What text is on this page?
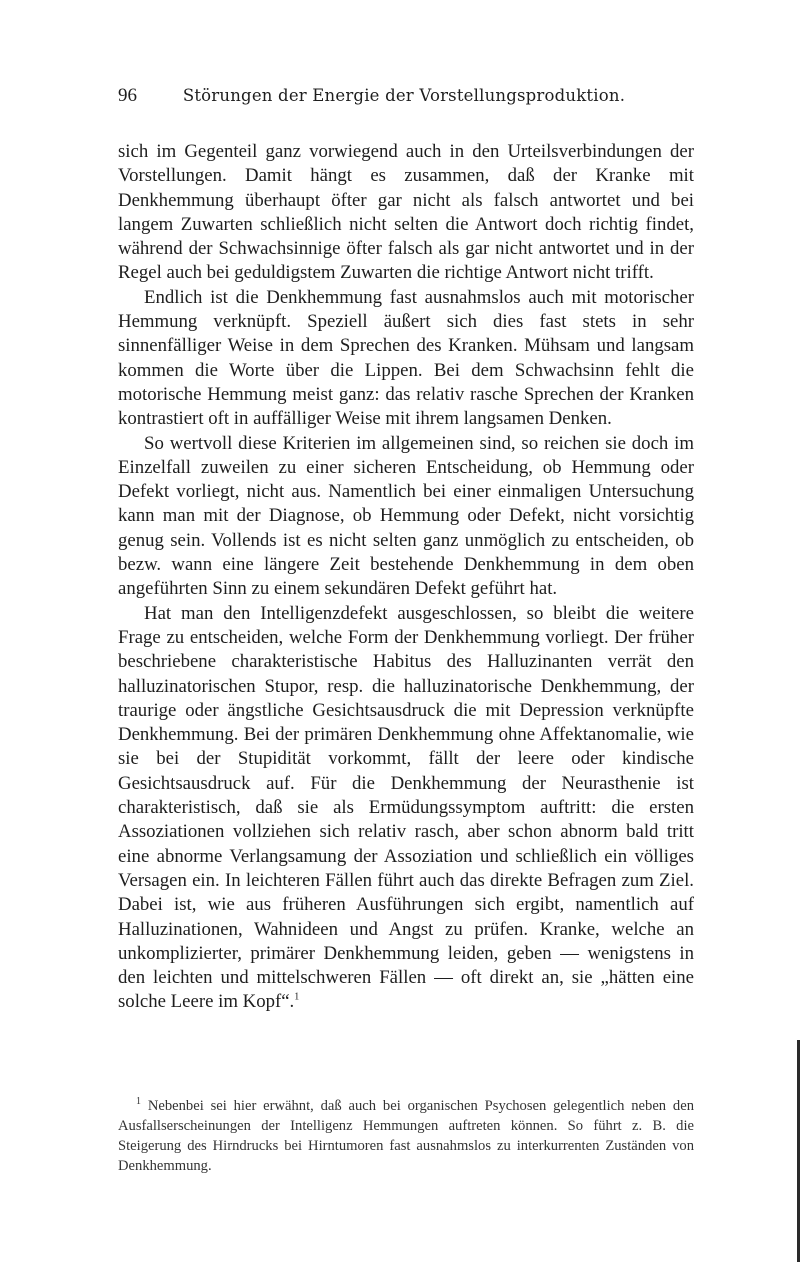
96	Störungen der Energie der Vorstellungsproduktion.

sich im Gegenteil ganz vorwiegend auch in den Urteilsverbindungen der Vorstellungen. Damit hängt es zusammen, daß der Kranke mit Denkhemmung überhaupt öfter gar nicht als falsch antwortet und bei langem Zuwarten schließlich nicht selten die Antwort doch richtig findet, während der Schwachsinnige öfter falsch als gar nicht antwortet und in der Regel auch bei geduldigstem Zuwarten die richtige Antwort nicht trifft.

Endlich ist die Denkhemmung fast ausnahmslos auch mit motorischer Hemmung verknüpft. Speziell äußert sich dies fast stets in sehr sinnenfälliger Weise in dem Sprechen des Kranken. Mühsam und langsam kommen die Worte über die Lippen. Bei dem Schwachsinn fehlt die motorische Hemmung meist ganz: das relativ rasche Sprechen der Kranken kontrastiert oft in auffälliger Weise mit ihrem langsamen Denken.

So wertvoll diese Kriterien im allgemeinen sind, so reichen sie doch im Einzelfall zuweilen zu einer sicheren Entscheidung, ob Hemmung oder Defekt vorliegt, nicht aus. Namentlich bei einer einmaligen Untersuchung kann man mit der Diagnose, ob Hemmung oder Defekt, nicht vorsichtig genug sein. Vollends ist es nicht selten ganz unmöglich zu entscheiden, ob bezw. wann eine längere Zeit bestehende Denkhemmung in dem oben angeführten Sinn zu einem sekundären Defekt geführt hat.

Hat man den Intelligenzdefekt ausgeschlossen, so bleibt die weitere Frage zu entscheiden, welche Form der Denkhemmung vorliegt. Der früher beschriebene charakteristische Habitus des Halluzinanten verrät den halluzinatorischen Stupor, resp. die halluzinatorische Denkhemmung, der traurige oder ängstliche Gesichtsausdruck die mit Depression verknüpfte Denkhemmung. Bei der primären Denkhemmung ohne Affektanomalie, wie sie bei der Stupidität vorkommt, fällt der leere oder kindische Gesichtsausdruck auf. Für die Denkhemmung der Neurasthenie ist charakteristisch, daß sie als Ermüdungssymptom auftritt: die ersten Assoziationen vollziehen sich relativ rasch, aber schon abnorm bald tritt eine abnorme Verlangsamung der Assoziation und schließlich ein völliges Versagen ein. In leichteren Fällen führt auch das direkte Befragen zum Ziel. Dabei ist, wie aus früheren Ausführungen sich ergibt, namentlich auf Halluzinationen, Wahnideen und Angst zu prüfen. Kranke, welche an unkomplizierter, primärer Denkhemmung leiden, geben — wenigstens in den leichten und mittelschweren Fällen — oft direkt an, sie „hätten eine solche Leere im Kopf“.$^1$

$^1$ Nebenbei sei hier erwähnt, daß auch bei organischen Psychosen gelegentlich neben den Ausfallserscheinungen der Intelligenz Hemmungen auftreten können. So führt z. B. die Steigerung des Hirndrucks bei Hirntumoren fast ausnahmslos zu interkurrenten Zuständen von Denkhemmung.
